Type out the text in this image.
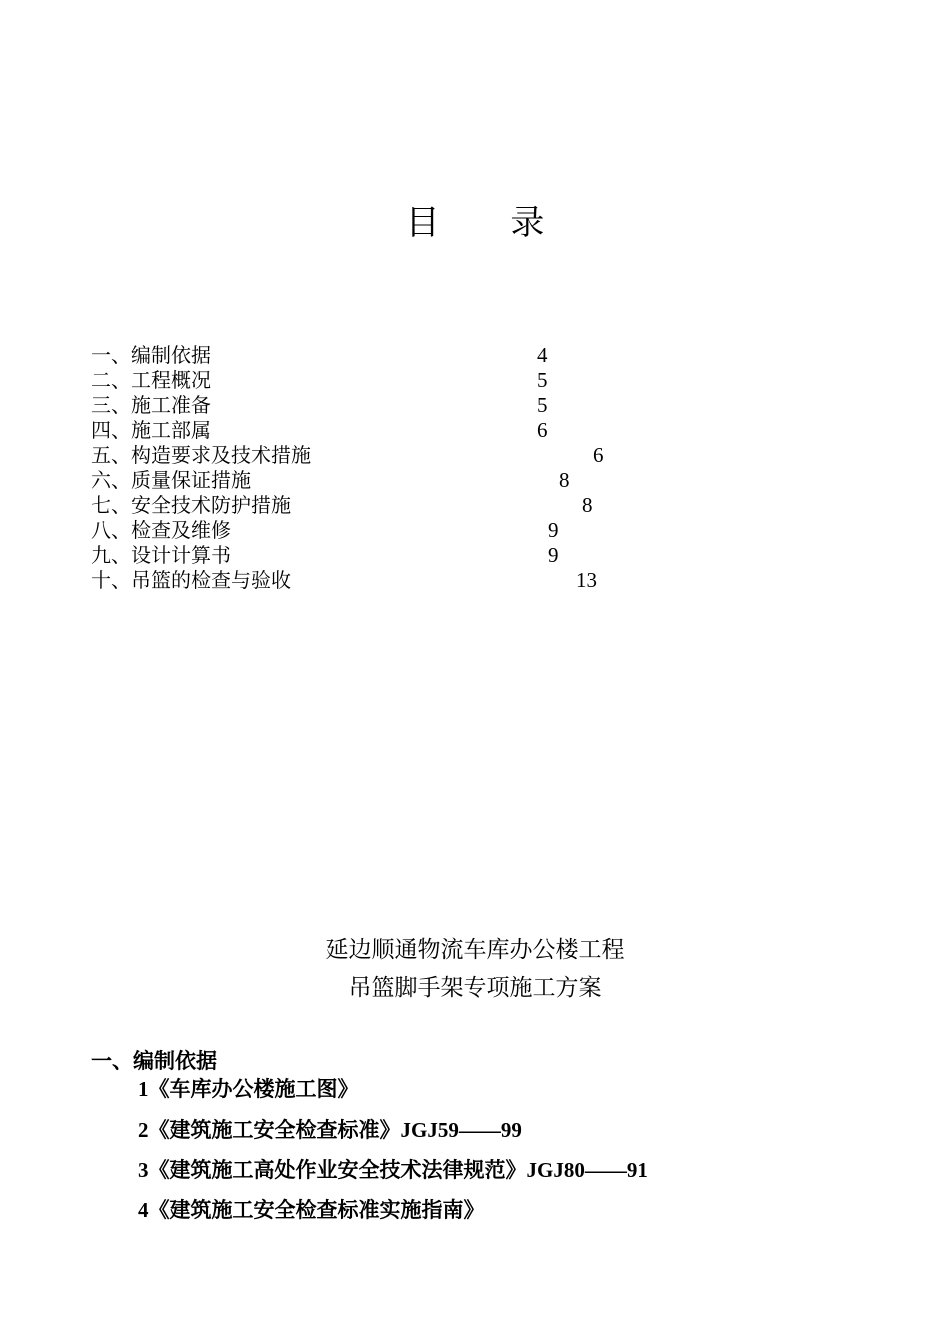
目 录
一、编制依据	4
二、工程概况	5
三、施工准备	5
四、施工部属	6
五、构造要求及技术措施	6
六、质量保证措施	8
七、安全技术防护措施	8
八、检查及维修	9
九、设计计算书	9
十、吊篮的检查与验收	13
延边顺通物流车库办公楼工程
吊篮脚手架专项施工方案
一、编制依据
1《车库办公楼施工图》
2《建筑施工安全检查标准》JGJ59——99
3《建筑施工高处作业安全技术法律规范》JGJ80——91
4《建筑施工安全检查标准实施指南》
